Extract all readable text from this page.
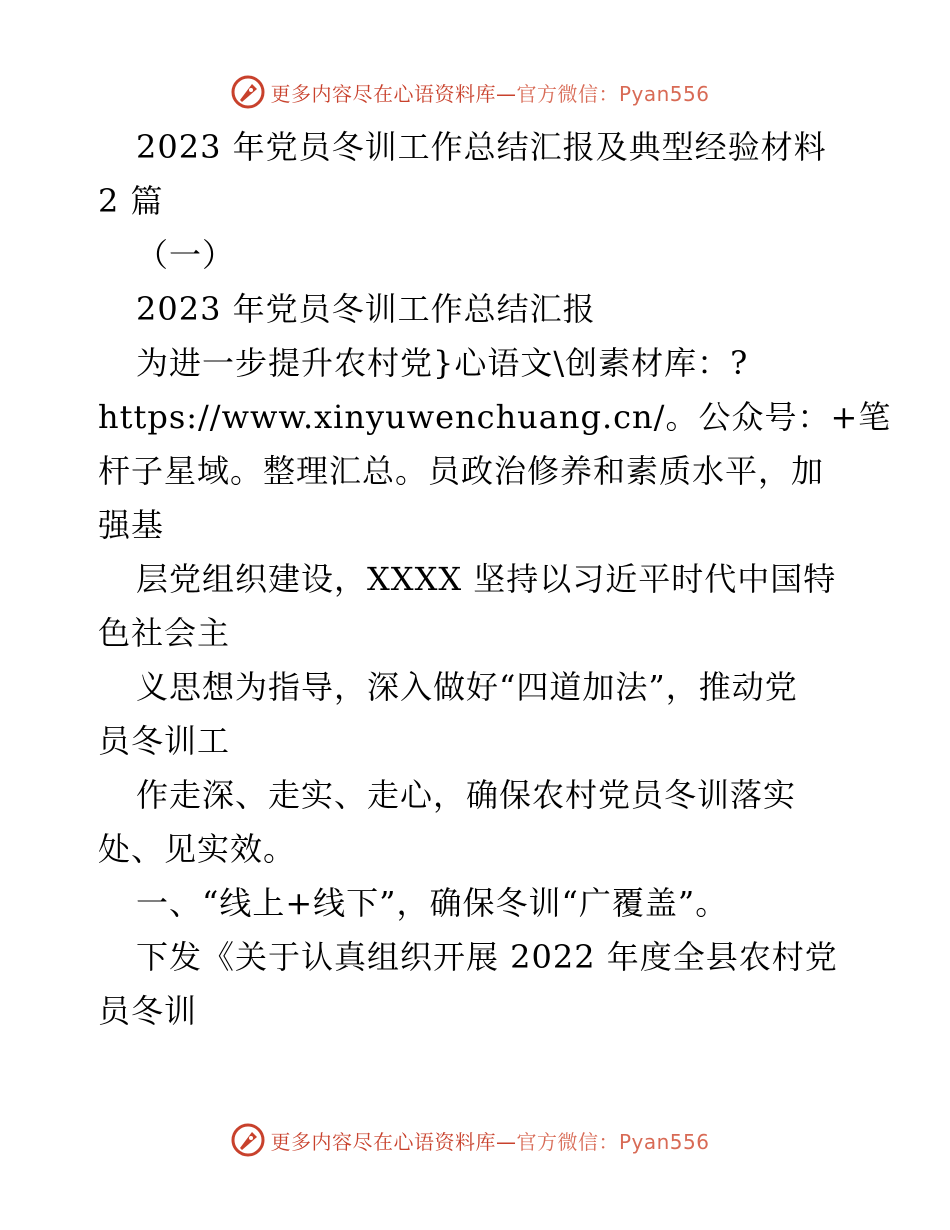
更多内容尽在心语资料库—官方微信：Pyan556
2023 年党员冬训工作总结汇报及典型经验材料
2 篇
（一）
2023 年党员冬训工作总结汇报
为进一步提升农村党}心语文\创素材库：?
https://www.xinyuwenchuang.cn/。公众号：+笔
杆子星域。整理汇总。员政治修养和素质水平，加
强基
层党组织建设，XXXX 坚持以习近平时代中国特
色社会主
义思想为指导，深入做好“四道加法”，推动党
员冬训工
作走深、走实、走心，确保农村党员冬训落实
处、见实效。
一、“线上+线下”，确保冬训“广覆盖”。
下发《关于认真组织开展 2022 年度全县农村党
员冬训
更多内容尽在心语资料库—官方微信：Pyan556
